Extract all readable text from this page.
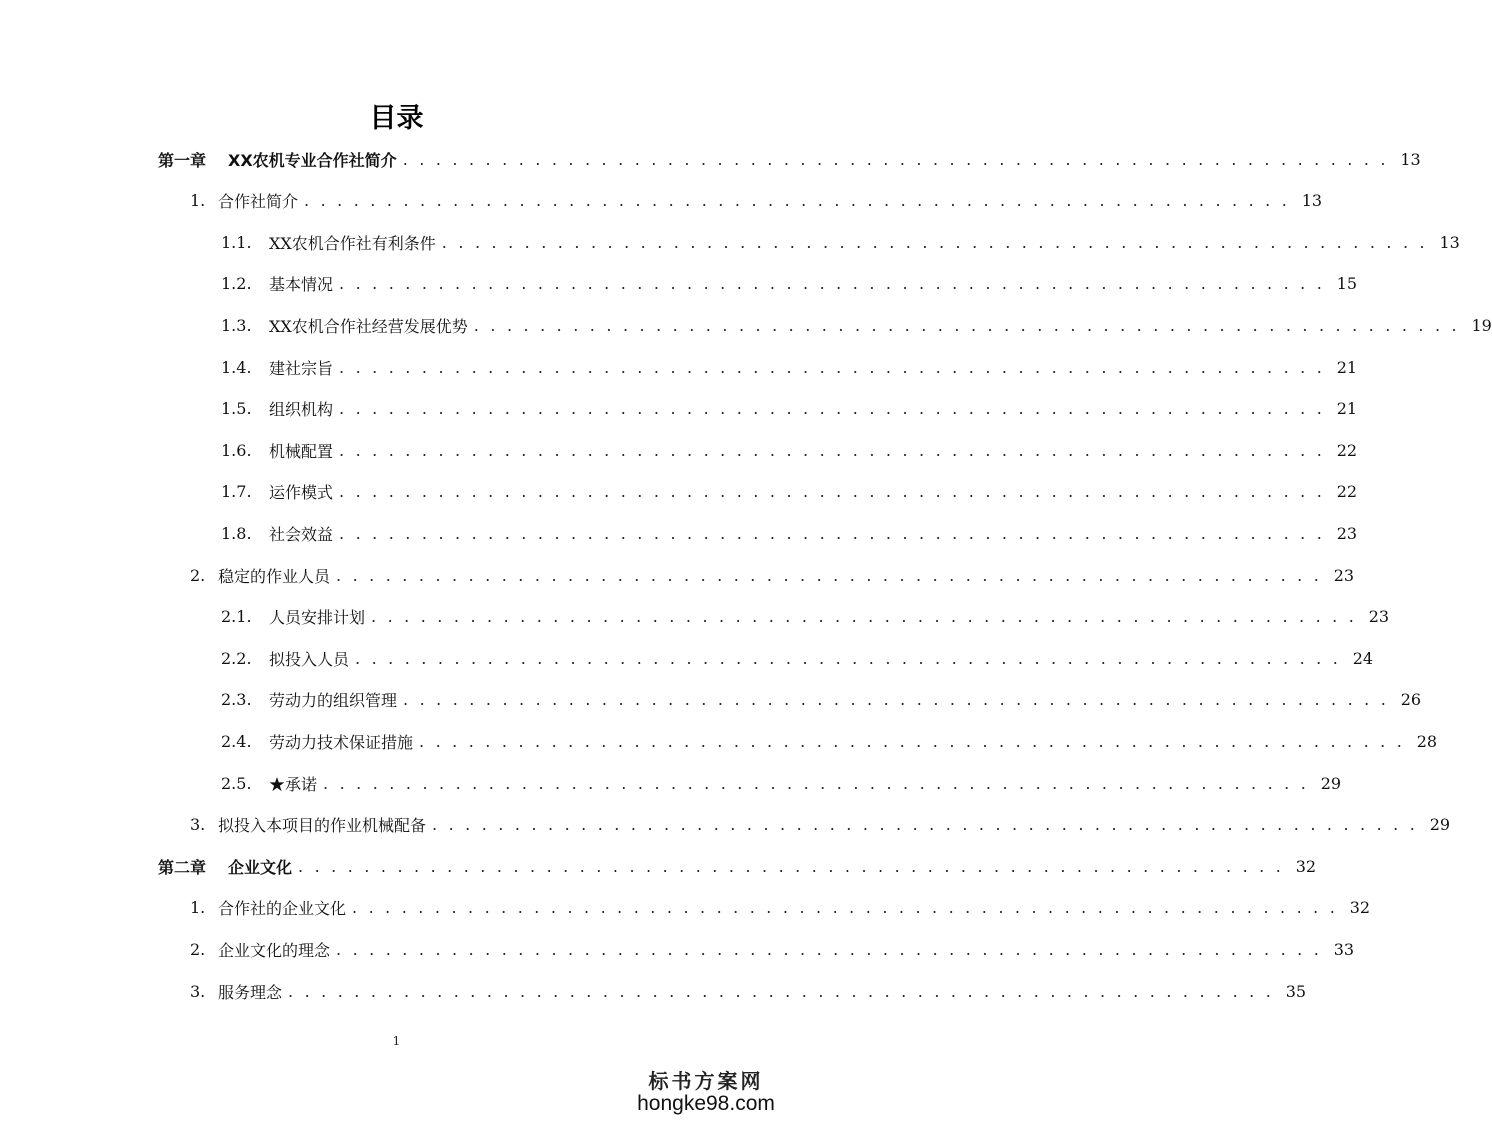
目录
第一章	XX农机专业合作社简介 . . . . . . . . . . . . . . . . . . . . . . . . . . . . . . . . . . . . . . . . . . . . . . . . . . . . . . . . . . . . 13
1. 合作社简介 . . . . . . . . . . . . . . . . . . . . . . . . . . . . . . . . . . . . . . . . . . . . . . . . . . . . . . . . . . . . 13
1.1.	XX农机合作社有利条件 . . . . . . . . . . . . . . . . . . . . . . . . . . . . . . . . . . . . . . . . . . . . . . . . . . . . . . . . . . . . 13
1.2.	基本情况 . . . . . . . . . . . . . . . . . . . . . . . . . . . . . . . . . . . . . . . . . . . . . . . . . . . . . . . . . . . . 15
1.3.	XX农机合作社经营发展优势 . . . . . . . . . . . . . . . . . . . . . . . . . . . . . . . . . . . . . . . . . . . . . . . . . . . . . . . . . . . . 19
1.4.	建社宗旨 . . . . . . . . . . . . . . . . . . . . . . . . . . . . . . . . . . . . . . . . . . . . . . . . . . . . . . . . . . . . 21
1.5.	组织机构 . . . . . . . . . . . . . . . . . . . . . . . . . . . . . . . . . . . . . . . . . . . . . . . . . . . . . . . . . . . . 21
1.6.	机械配置 . . . . . . . . . . . . . . . . . . . . . . . . . . . . . . . . . . . . . . . . . . . . . . . . . . . . . . . . . . . . 22
1.7.	运作模式 . . . . . . . . . . . . . . . . . . . . . . . . . . . . . . . . . . . . . . . . . . . . . . . . . . . . . . . . . . . . 22
1.8.	社会效益 . . . . . . . . . . . . . . . . . . . . . . . . . . . . . . . . . . . . . . . . . . . . . . . . . . . . . . . . . . . . 23
2. 稳定的作业人员 . . . . . . . . . . . . . . . . . . . . . . . . . . . . . . . . . . . . . . . . . . . . . . . . . . . . . . . . . . . . 23
2.1.	人员安排计划 . . . . . . . . . . . . . . . . . . . . . . . . . . . . . . . . . . . . . . . . . . . . . . . . . . . . . . . . . . . . 23
2.2.	拟投入人员 . . . . . . . . . . . . . . . . . . . . . . . . . . . . . . . . . . . . . . . . . . . . . . . . . . . . . . . . . . . . 24
2.3.	劳动力的组织管理 . . . . . . . . . . . . . . . . . . . . . . . . . . . . . . . . . . . . . . . . . . . . . . . . . . . . . . . . . . . . 26
2.4.	劳动力技术保证措施 . . . . . . . . . . . . . . . . . . . . . . . . . . . . . . . . . . . . . . . . . . . . . . . . . . . . . . . . . . . . 28
2.5.	★承诺 . . . . . . . . . . . . . . . . . . . . . . . . . . . . . . . . . . . . . . . . . . . . . . . . . . . . . . . . . . . . 29
3. 拟投入本项目的作业机械配备 . . . . . . . . . . . . . . . . . . . . . . . . . . . . . . . . . . . . . . . . . . . . . . . . . . . . . . . . . . . . 29
第二章	企业文化 . . . . . . . . . . . . . . . . . . . . . . . . . . . . . . . . . . . . . . . . . . . . . . . . . . . . . . . . . . . . 32
1. 合作社的企业文化 . . . . . . . . . . . . . . . . . . . . . . . . . . . . . . . . . . . . . . . . . . . . . . . . . . . . . . . . . . . . 32
2. 企业文化的理念 . . . . . . . . . . . . . . . . . . . . . . . . . . . . . . . . . . . . . . . . . . . . . . . . . . . . . . . . . . . . 33
3. 服务理念 . . . . . . . . . . . . . . . . . . . . . . . . . . . . . . . . . . . . . . . . . . . . . . . . . . . . . . . . . . . . 35
1
标书方案网
hongke98.com
